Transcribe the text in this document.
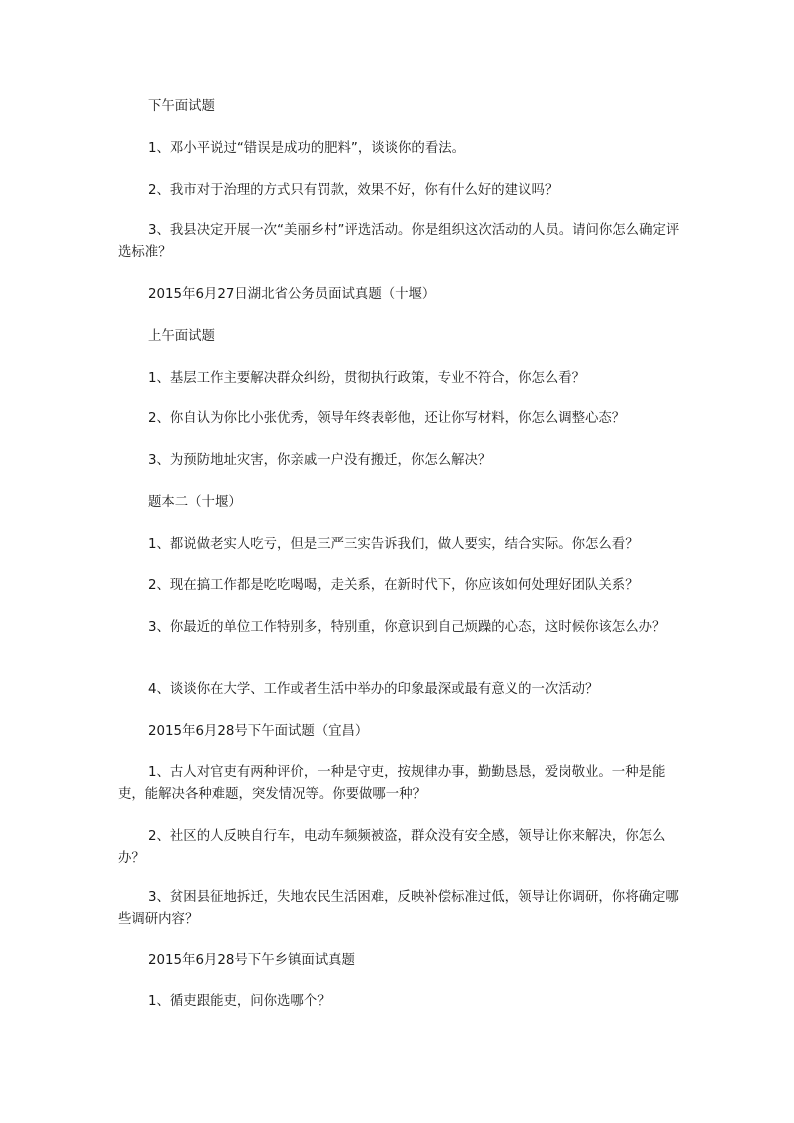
下午面试题

1、邓小平说过“错误是成功的肥料”，谈谈你的看法。

2、我市对于治理的方式只有罚款，效果不好，你有什么好的建议吗？

3、我县决定开展一次“美丽乡村”评选活动。你是组织这次活动的人员。请问你怎么确定评选标准？

2015年6月27日湖北省公务员面试真题（十堰）

上午面试题

1、基层工作主要解决群众纠纷，贯彻执行政策，专业不符合，你怎么看？

2、你自认为你比小张优秀，领导年终表彰他，还让你写材料，你怎么调整心态？

3、为预防地址灾害，你亲戚一户没有搬迁，你怎么解决？

题本二（十堰）

1、都说做老实人吃亏，但是三严三实告诉我们，做人要实，结合实际。你怎么看？

2、现在搞工作都是吃吃喝喝，走关系，在新时代下，你应该如何处理好团队关系？

3、你最近的单位工作特别多，特别重，你意识到自己烦躁的心态，这时候你该怎么办？

4、谈谈你在大学、工作或者生活中举办的印象最深或最有意义的一次活动？

2015年6月28号下午面试题（宜昌）

1、古人对官吏有两种评价，一种是守吏，按规律办事，勤勤恳恳，爱岗敬业。一种是能吏，能解决各种难题，突发情况等。你要做哪一种？

2、社区的人反映自行车，电动车频频被盗，群众没有安全感，领导让你来解决，你怎么办？

3、贫困县征地拆迁，失地农民生活困难，反映补偿标准过低，领导让你调研，你将确定哪些调研内容？

2015年6月28号下午乡镇面试真题

1、循吏跟能吏，问你选哪个？
